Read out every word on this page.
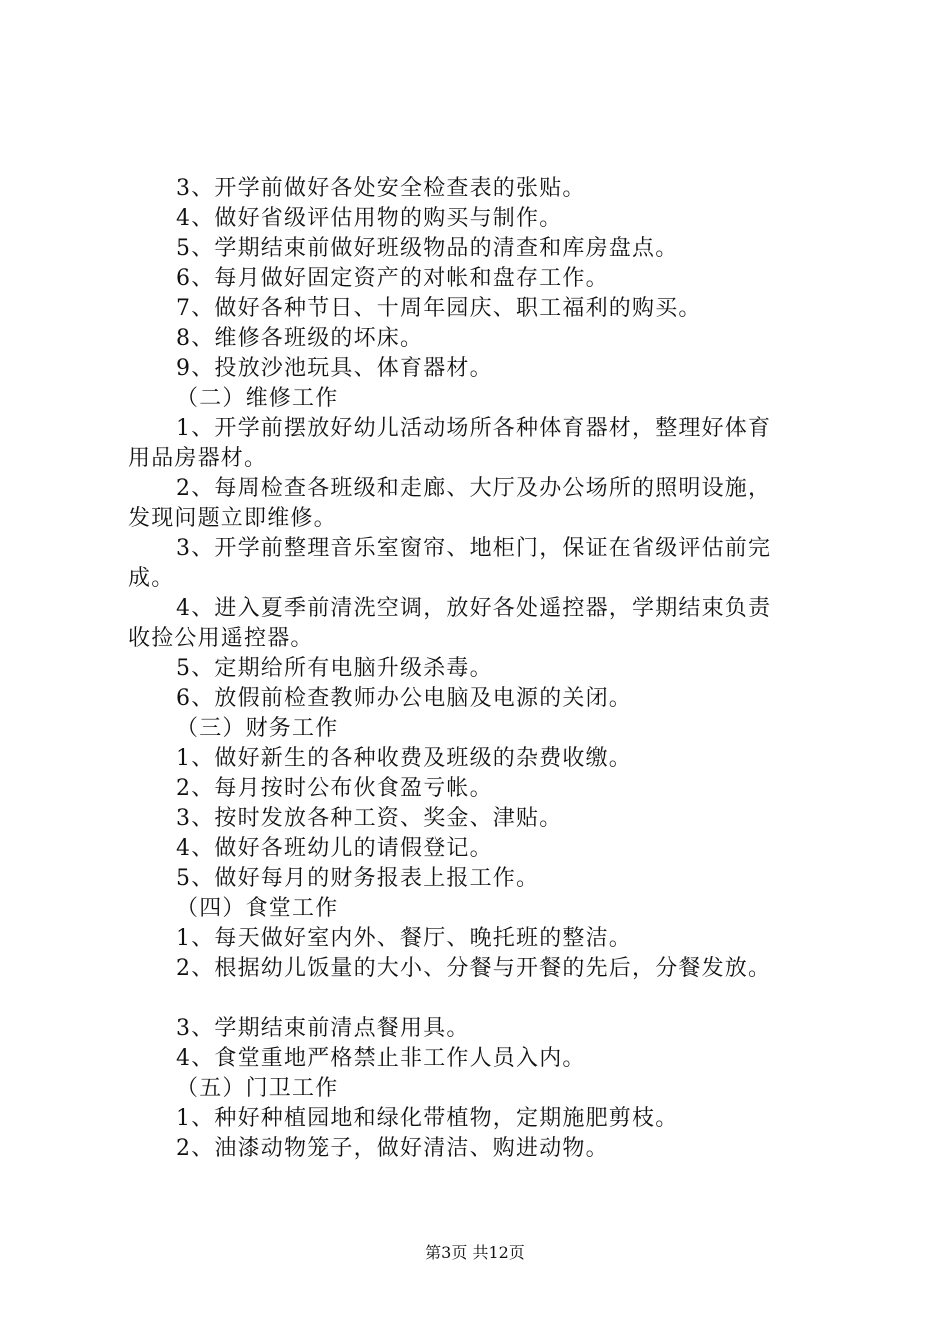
3、开学前做好各处安全检查表的张贴。
4、做好省级评估用物的购买与制作。
5、学期结束前做好班级物品的清查和库房盘点。
6、每月做好固定资产的对帐和盘存工作。
7、做好各种节日、十周年园庆、职工福利的购买。
8、维修各班级的坏床。
9、投放沙池玩具、体育器材。
（二）维修工作
1、开学前摆放好幼儿活动场所各种体育器材，整理好体育
用品房器材。
2、每周检查各班级和走廊、大厅及办公场所的照明设施，
发现问题立即维修。
3、开学前整理音乐室窗帘、地柜门，保证在省级评估前完
成。
4、进入夏季前清洗空调，放好各处遥控器，学期结束负责
收捡公用遥控器。
5、定期给所有电脑升级杀毒。
6、放假前检查教师办公电脑及电源的关闭。
（三）财务工作
1、做好新生的各种收费及班级的杂费收缴。
2、每月按时公布伙食盈亏帐。
3、按时发放各种工资、奖金、津贴。
4、做好各班幼儿的请假登记。
5、做好每月的财务报表上报工作。
（四）食堂工作
1、每天做好室内外、餐厅、晚托班的整洁。
2、根据幼儿饭量的大小、分餐与开餐的先后，分餐发放。
3、学期结束前清点餐用具。
4、食堂重地严格禁止非工作人员入内。
（五）门卫工作
1、种好种植园地和绿化带植物，定期施肥剪枝。
2、油漆动物笼子，做好清洁、购进动物。
第3页 共12页
